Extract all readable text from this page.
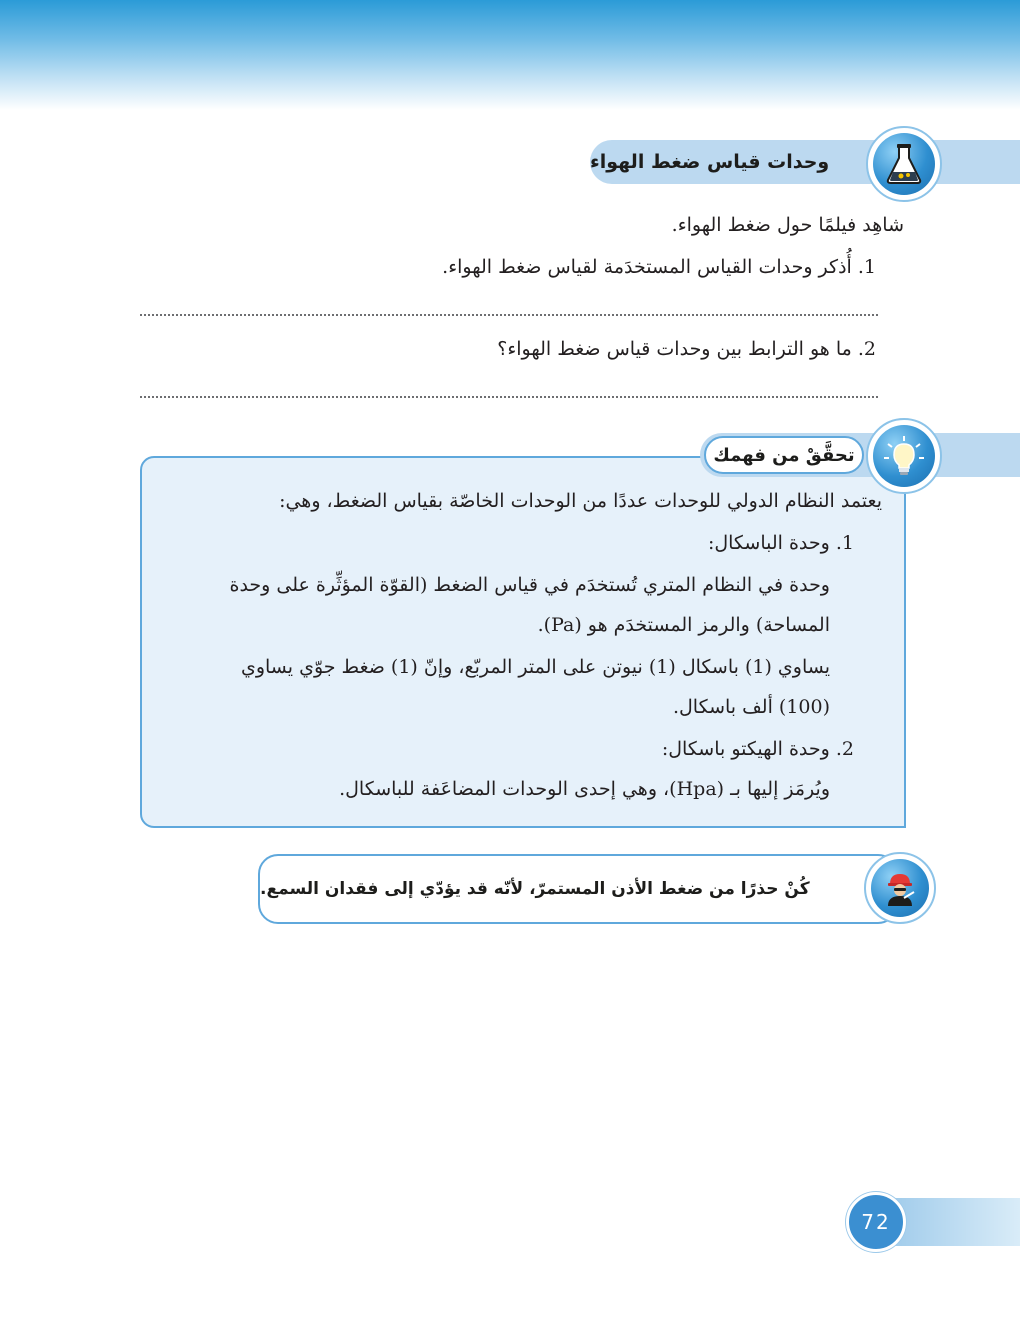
وحدات قياس ضغط الهواء
شاهِد فيلمًا حول ضغط الهواء.
1. أُذكر وحدات القياس المستخدَمة لقياس ضغط الهواء.
2. ما هو الترابط بين وحدات قياس ضغط الهواء؟
تحقَّقْ من فهمك
يعتمد النظام الدولي للوحدات عددًا من الوحدات الخاصّة بقياس الضغط، وهي:
1. وحدة الباسكال:
وحدة في النظام المتري تُستخدَم في قياس الضغط (القوّة المؤثِّرة على وحدة
المساحة) والرمز المستخدَم هو (Pa).
يساوي (1) باسكال (1) نيوتن على المتر المربّع، وإنّ (1) ضغط جوّي يساوي
(100) ألف باسكال.
2. وحدة الهيكتو باسكال:
ويُرمَز إليها بـ (Hpa)، وهي إحدى الوحدات المضاعَفة للباسكال.
كُنْ حذرًا من ضغط الأذن المستمرّ، لأنّه قد يؤدّي إلى فقدان السمع.
72
